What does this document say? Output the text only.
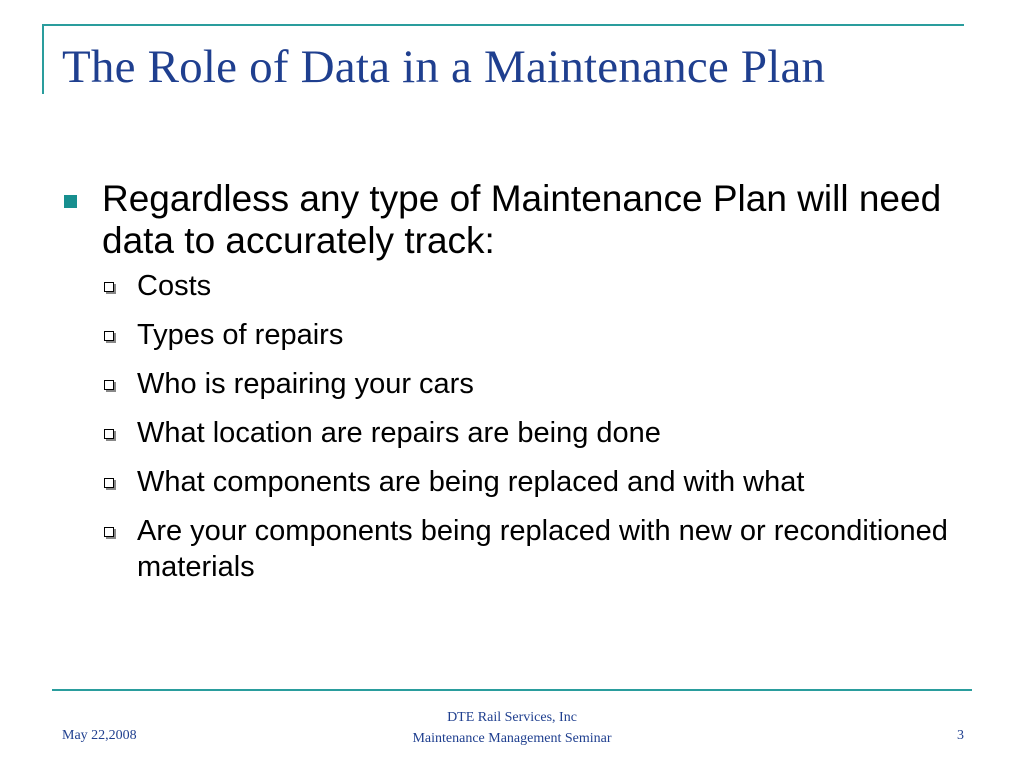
The Role of Data in a Maintenance Plan
Regardless any type of Maintenance Plan will need data to accurately track:
Costs
Types of repairs
Who is repairing your cars
What location are repairs are being done
What components are being replaced and with what
Are your components being replaced with new or reconditioned materials
May 22,2008
DTE Rail Services, Inc
Maintenance Management Seminar	3
